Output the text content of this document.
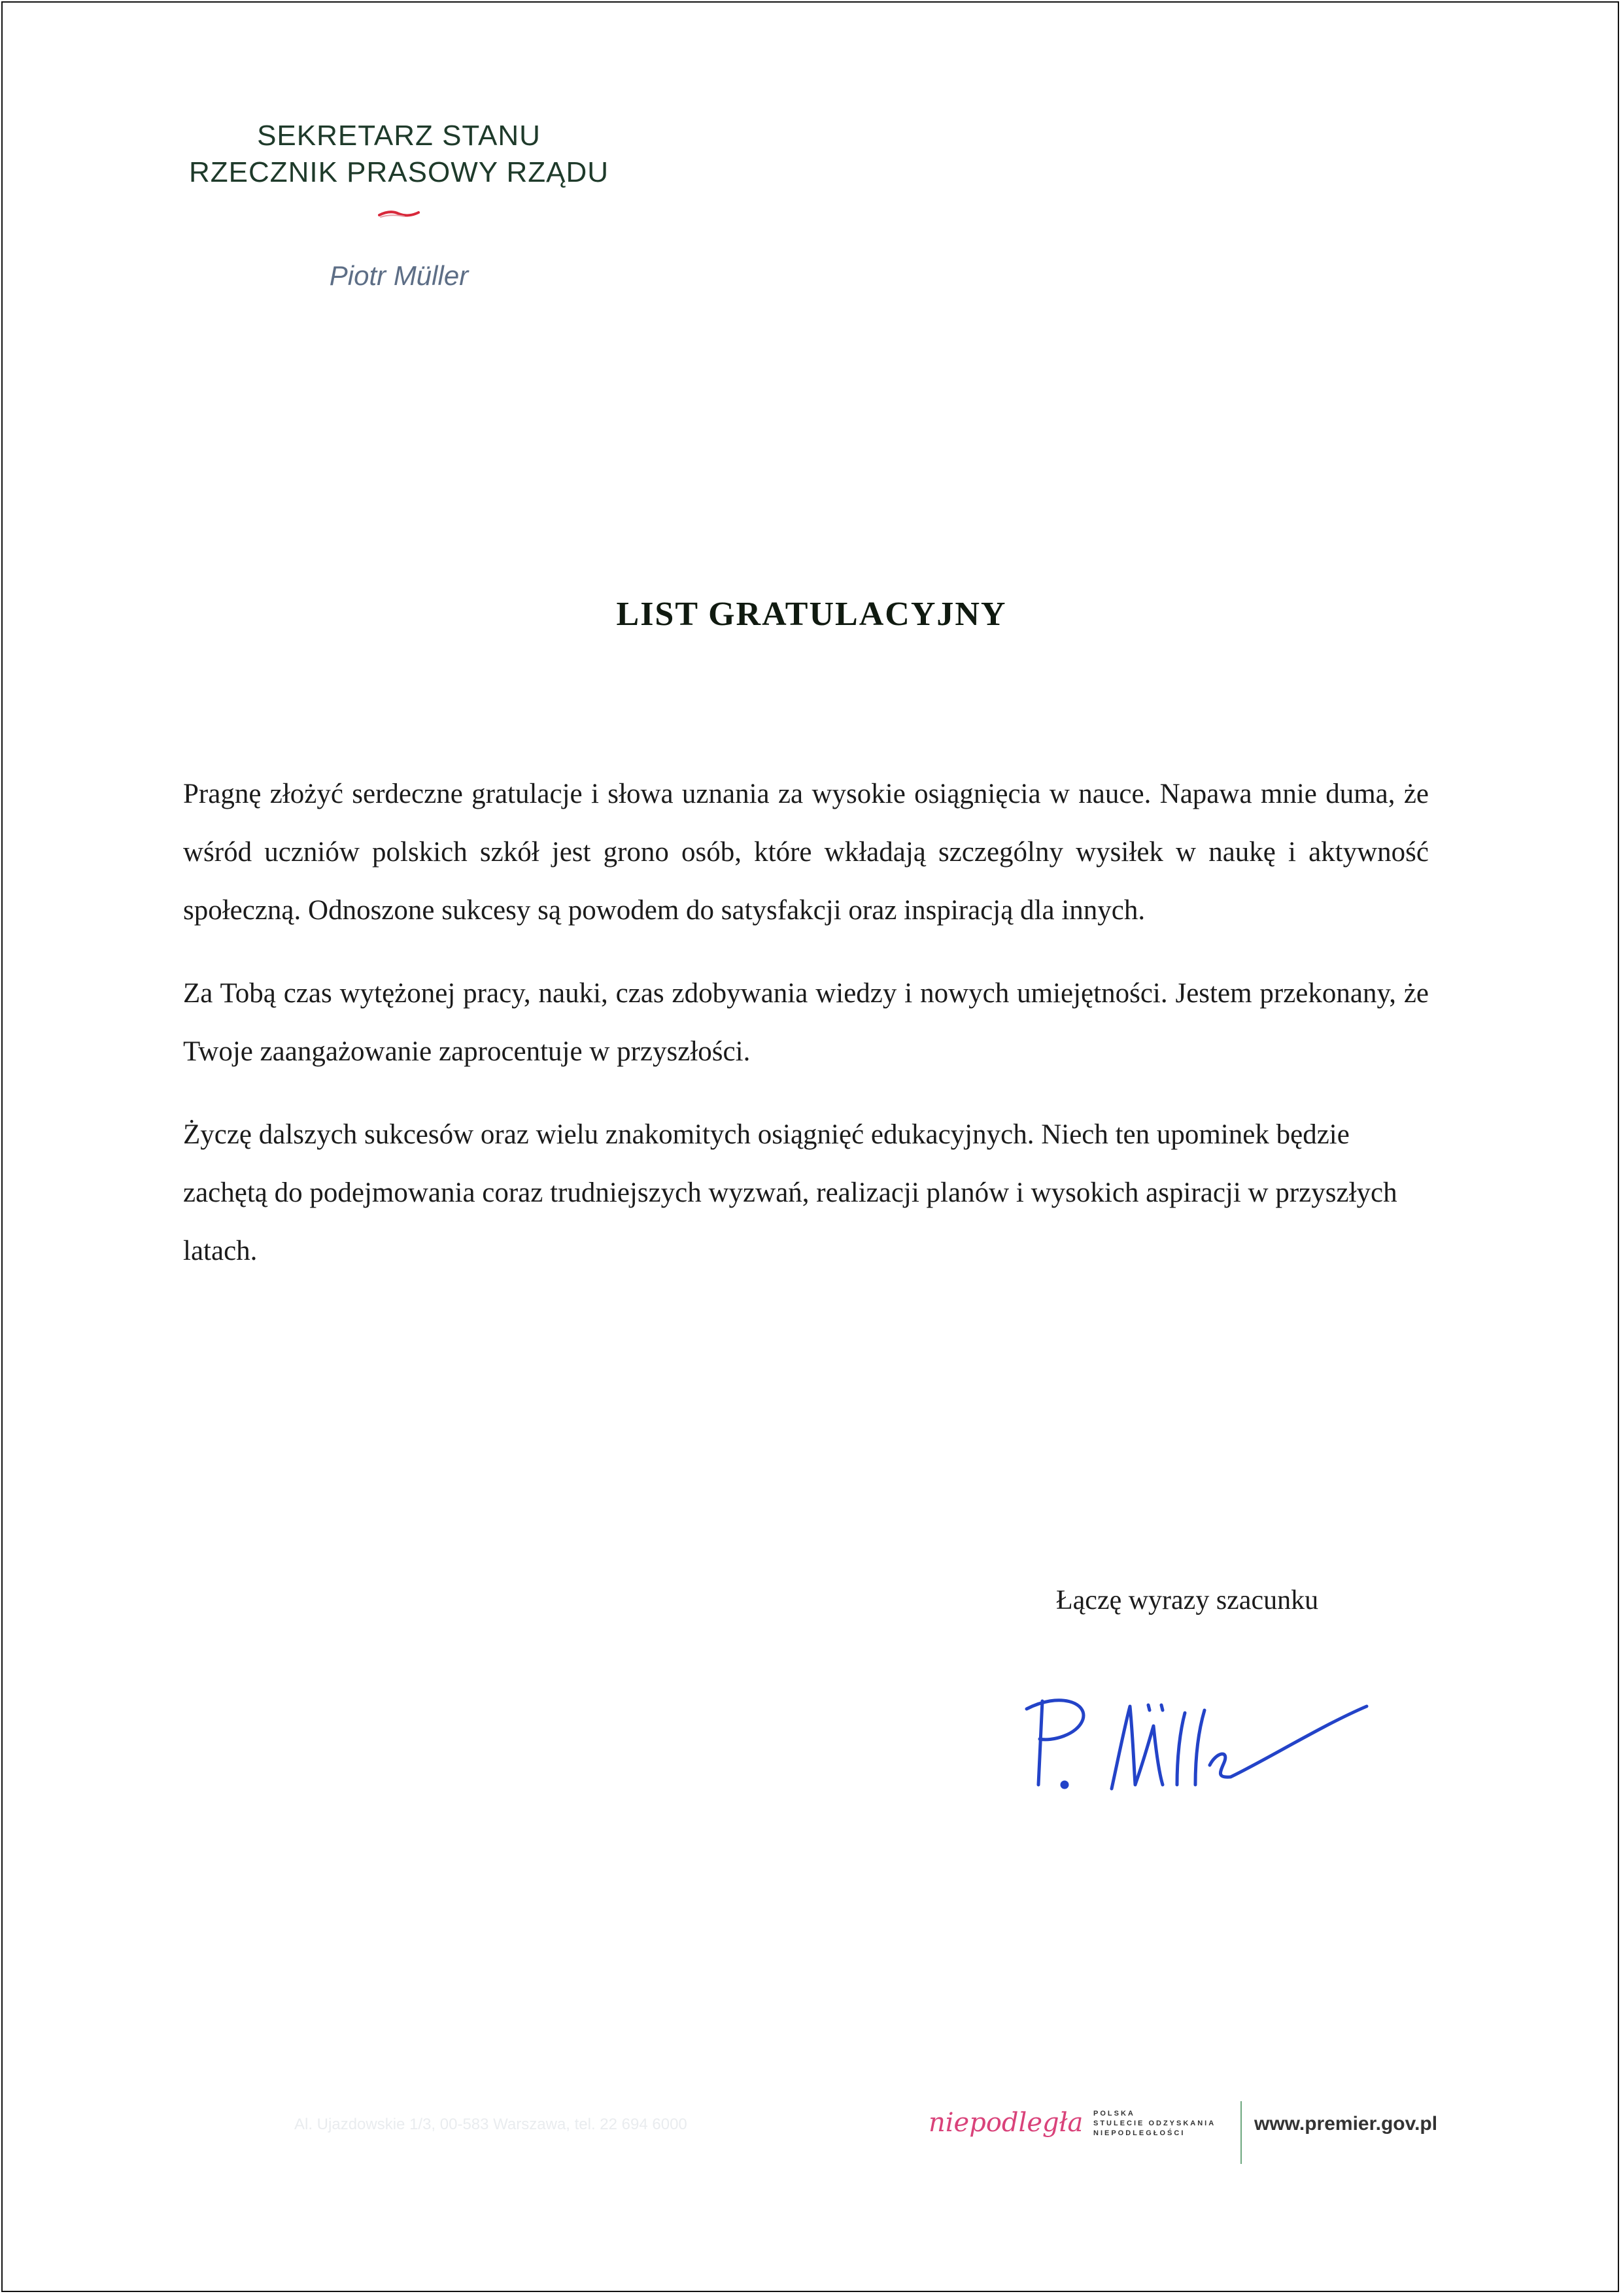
SEKRETARZ STANU
RZECZNIK PRASOWY RZĄDU
Piotr Müller
LIST GRATULACYJNY

Pragnę złożyć serdeczne gratulacje i słowa uznania za wysokie osiągnięcia w nauce. Napawa mnie duma, że wśród uczniów polskich szkół jest grono osób, które wkładają szczególny wysiłek w naukę i aktywność społeczną. Odnoszone sukcesy są powodem do satysfakcji oraz inspiracją dla innych.

Za Tobą czas wytężonej pracy, nauki, czas zdobywania wiedzy i nowych umiejętności. Jestem przekonany, że Twoje zaangażowanie zaprocentuje w przyszłości.

Życzę dalszych sukcesów oraz wielu znakomitych osiągnięć edukacyjnych. Niech ten upominek będzie zachętą do podejmowania coraz trudniejszych wyzwań, realizacji planów i wysokich aspiracji w przyszłych latach.

Łączę wyrazy szacunku
Al. Ujazdowskie 1/3, 00-583 Warszawa, tel. 22 694 6000	niepodległa POLSKA
STULECIE ODZYSKANIA
NIEPODLEGŁOŚCI	www.premier.gov.pl
